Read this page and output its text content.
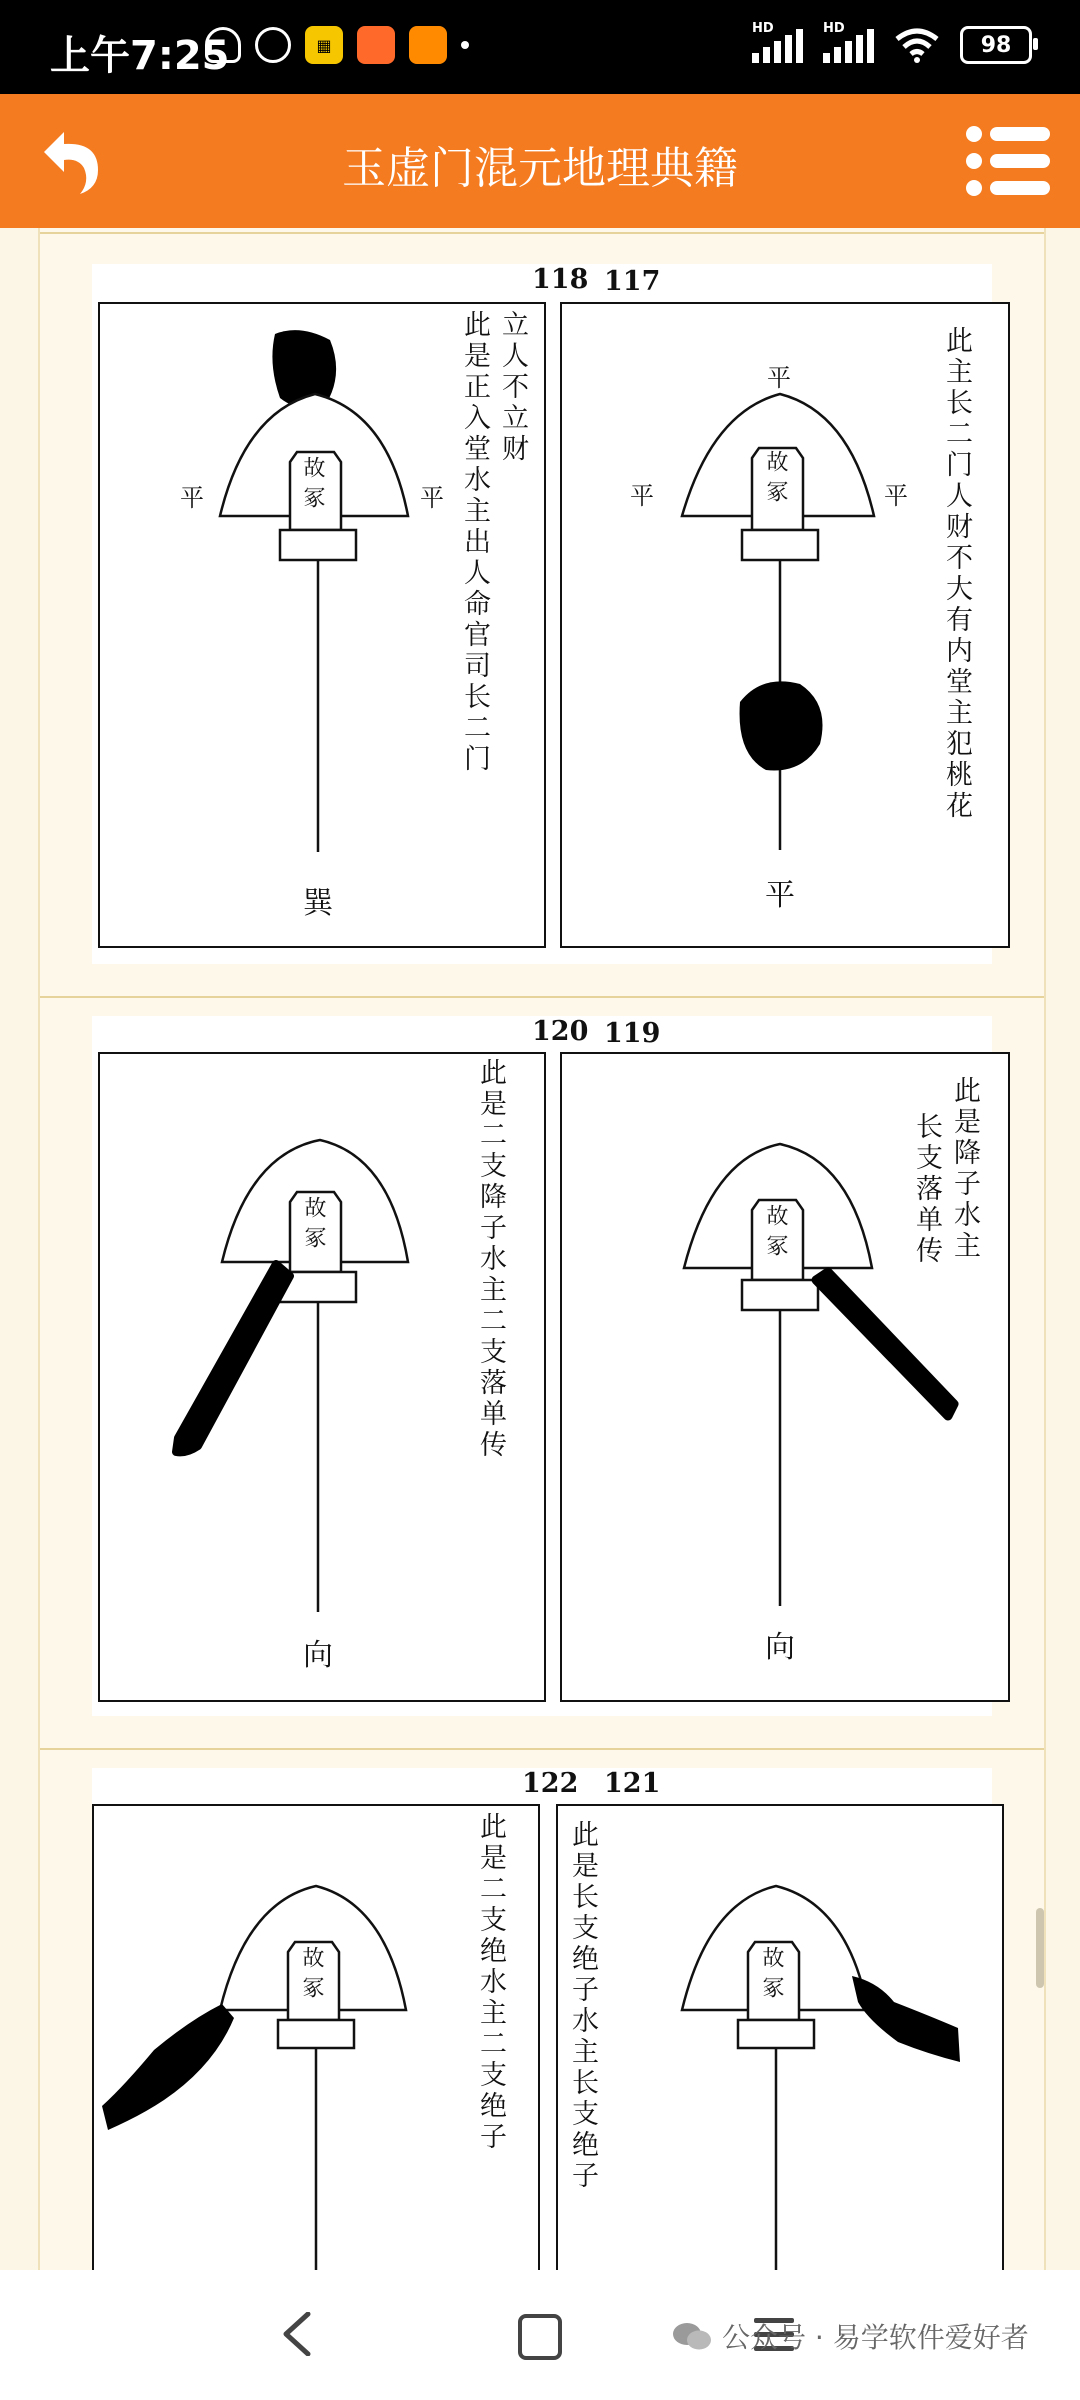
上午7:25	▦
HD	HD
98
玉虚门混元地理典籍
118
故冢
平	平
巽
此是正入堂水主出人命官司长二门 立人不立财
117
故冢
平
平	平
平
此主长二门人财不大有内堂主犯桃花
120
故冢
向
此是二支降子水主二支落单传
119
故冢
向
此是降子水主
长支落单传
122
故冢	此是二支绝水主二支绝子
121
故冢
此是长支绝子水主长支绝子
公众号 · 易学软件爱好者
